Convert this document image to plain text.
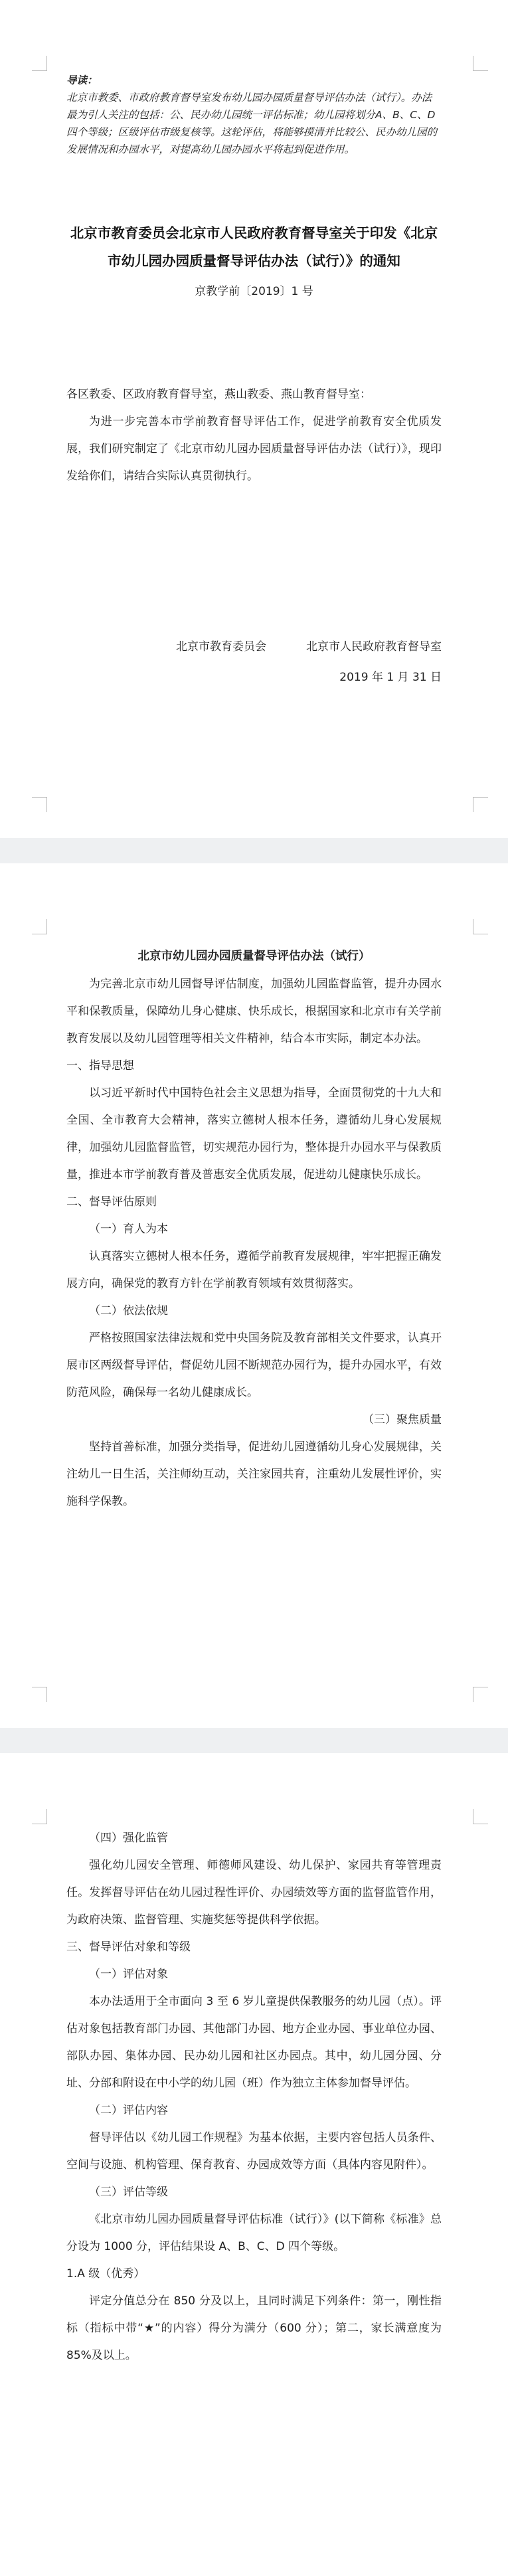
导读：
北京市教委、市政府教育督导室发布幼儿园办园质量督导评估办法（试行）。办法最为引人关注的包括：公、民办幼儿园统一评估标准；幼儿园将划分A、B、C、D四个等级；区级评估市级复核等。这轮评估，将能够摸清并比较公、民办幼儿园的发展情况和办园水平，对提高幼儿园办园水平将起到促进作用。
北京市教育委员会北京市人民政府教育督导室关于印发《北京市幼儿园办园质量督导评估办法（试行）》的通知
京教学前〔2019〕1 号

各区教委、区政府教育督导室，燕山教委、燕山教育督导室：

为进一步完善本市学前教育督导评估工作，促进学前教育安全优质发展，我们研究制定了《北京市幼儿园办园质量督导评估办法（试行）》，现印发给你们，请结合实际认真贯彻执行。

北京市教育委员会	北京市人民政府教育督导室
2019 年 1 月 31 日
北京市幼儿园办园质量督导评估办法（试行）

为完善北京市幼儿园督导评估制度，加强幼儿园监督监管，提升办园水平和保教质量，保障幼儿身心健康、快乐成长，根据国家和北京市有关学前教育发展以及幼儿园管理等相关文件精神，结合本市实际，制定本办法。

一、指导思想

以习近平新时代中国特色社会主义思想为指导，全面贯彻党的十九大和全国、全市教育大会精神，落实立德树人根本任务，遵循幼儿身心发展规律，加强幼儿园监督监管，切实规范办园行为，整体提升办园水平与保教质量，推进本市学前教育普及普惠安全优质发展，促进幼儿健康快乐成长。

二、督导评估原则

（一）育人为本

认真落实立德树人根本任务，遵循学前教育发展规律，牢牢把握正确发展方向，确保党的教育方针在学前教育领域有效贯彻落实。

（二）依法依规

严格按照国家法律法规和党中央国务院及教育部相关文件要求，认真开展市区两级督导评估，督促幼儿园不断规范办园行为，提升办园水平，有效防范风险，确保每一名幼儿健康成长。

（三）聚焦质量

坚持首善标准，加强分类指导，促进幼儿园遵循幼儿身心发展规律，关注幼儿一日生活，关注师幼互动，关注家园共育，注重幼儿发展性评价，实施科学保教。

（四）强化监管

强化幼儿园安全管理、师德师风建设、幼儿保护、家园共育等管理责任。发挥督导评估在幼儿园过程性评价、办园绩效等方面的监督监管作用，为政府决策、监督管理、实施奖惩等提供科学依据。

三、督导评估对象和等级

（一）评估对象

本办法适用于全市面向 3 至 6 岁儿童提供保教服务的幼儿园（点）。评估对象包括教育部门办园、其他部门办园、地方企业办园、事业单位办园、部队办园、集体办园、民办幼儿园和社区办园点。其中，幼儿园分园、分址、分部和附设在中小学的幼儿园（班）作为独立主体参加督导评估。

（二）评估内容

督导评估以《幼儿园工作规程》为基本依据，主要内容包括人员条件、空间与设施、机构管理、保育教育、办园成效等方面（具体内容见附件）。

（三）评估等级

《北京市幼儿园办园质量督导评估标准（试行）》(以下简称《标准》总分设为 1000 分，评估结果设 A、B、C、D 四个等级。

1.A 级（优秀）

评定分值总分在 850 分及以上，且同时满足下列条件：第一，刚性指标（指标中带“★”的内容）得分为满分（600 分）；第二，家长满意度为 85%及以上。
